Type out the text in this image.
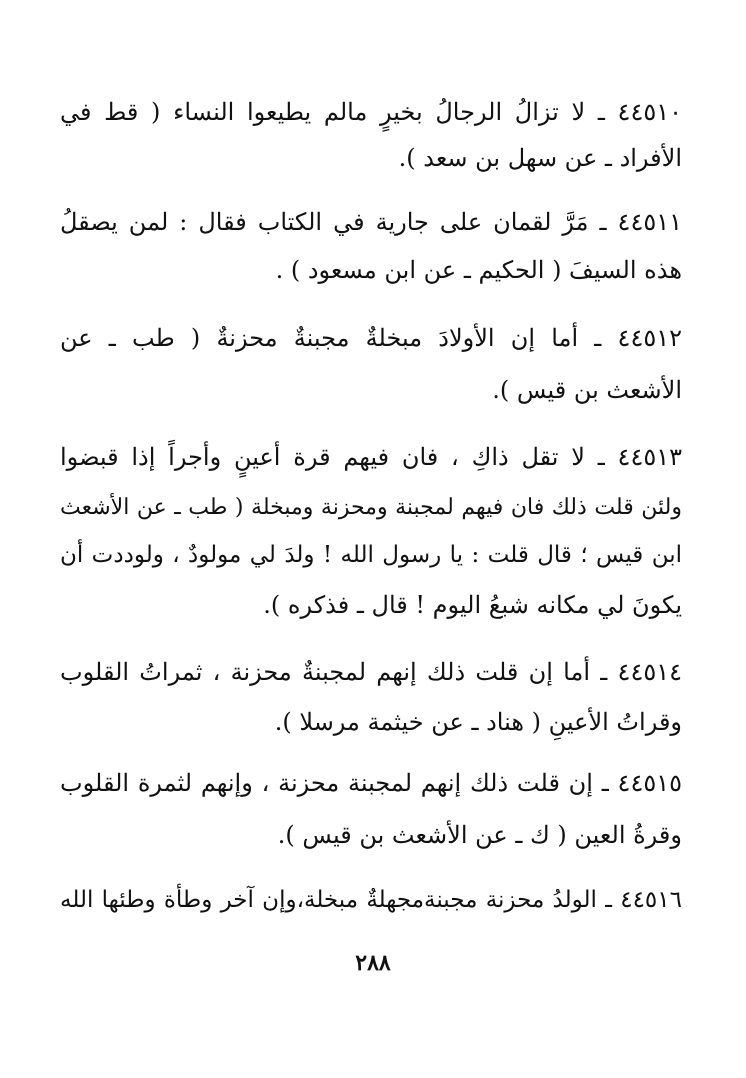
٤٤٥١٠ ـ لا تزالُ الرجالُ بخيرٍ مالم يطيعوا النساء ( قط في
الأفراد ـ عن سهل بن سعد ).
٤٤٥١١ ـ مَرَّ لقمان على جارية في الكتاب فقال : لمن يصقلُ
هذه السيفَ ( الحكيم ـ عن ابن مسعود ) .
٤٤٥١٢ ـ أما إن الأولادَ مبخلةٌ مجبنةٌ محزنةٌ ( طب ـ عن
الأشعث بن قيس ).
٤٤٥١٣ ـ لا تقل ذاكِ ، فان فيهم قرة أعينٍ وأجراً إذا قبضوا
ولئن قلت ذلك فان فيهم لمجبنة ومحزنة ومبخلة ( طب ـ عن الأشعث
ابن قيس ؛ قال قلت : يا رسول الله ! ولدَ لي مولودٌ ، ولوددت أن
يكونَ لي مكانه شبعُ اليوم ! قال ـ فذكره ).
٤٤٥١٤ ـ أما إن قلت ذلك إنهم لمجبنةٌ محزنة ، ثمراتُ القلوب
وقراتُ الأعينِ ( هناد ـ عن خيثمة مرسلا ).
٤٤٥١٥ ـ إن قلت ذلك إنهم لمجبنة محزنة ، وإنهم لثمرة القلوب
وقرةُ العين ( ك ـ عن الأشعث بن قيس ).
٤٤٥١٦ ـ الولدُ محزنة مجبنةمجهلةٌ مبخلة،وإن آخر وطأة وطئها الله
٢٨٨
